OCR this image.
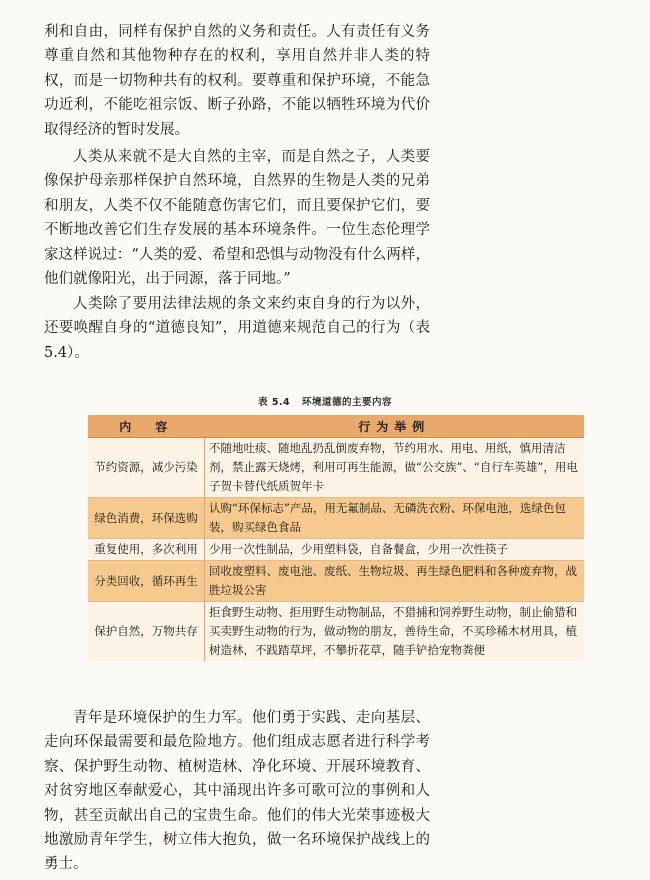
利和自由，同样有保护自然的义务和责任。人有责任有义务尊重自然和其他物种存在的权利，享用自然并非人类的特权，而是一切物种共有的权利。要尊重和保护环境，不能急功近利，不能吃祖宗饭、断子孙路，不能以牺牲环境为代价取得经济的暂时发展。

人类从来就不是大自然的主宰，而是自然之子，人类要像保护母亲那样保护自然环境，自然界的生物是人类的兄弟和朋友，人类不仅不能随意伤害它们，而且要保护它们，要不断地改善它们生存发展的基本环境条件。一位生态伦理学家这样说过：“人类的爱、希望和恐惧与动物没有什么两样，他们就像阳光，出于同源，落于同地。”

人类除了要用法律法规的条文来约束自身的行为以外，还要唤醒自身的“道德良知”，用道德来规范自己的行为（表5.4）。

表 5.4 环境道德的主要内容
内　容	行为举例
节约资源，减少污染	不随地吐痰、随地乱扔乱倒废弃物，节约用水、用电、用纸，慎用清洁剂，禁止露天烧烤，利用可再生能源，做“公交族”、“自行车英雄”，用电子贺卡替代纸质贺年卡
绿色消费，环保选购	认购“环保标志”产品，用无氟制品、无磷洗衣粉、环保电池，选绿色包装，购买绿色食品
重复使用，多次利用	少用一次性制品，少用塑料袋，自备餐盒，少用一次性筷子
分类回收，循环再生	回收废塑料、废电池、废纸、生物垃圾、再生绿色肥料和各种废弃物，战胜垃圾公害
保护自然，万物共存	拒食野生动物、拒用野生动物制品，不猎捕和饲养野生动物，制止偷猎和买卖野生动物的行为，做动物的朋友，善待生命，不买珍稀木材用具，植树造林，不践踏草坪，不攀折花草，随手铲拾宠物粪便

青年是环境保护的生力军。他们勇于实践、走向基层、走向环保最需要和最危险地方。他们组成志愿者进行科学考察、保护野生动物、植树造林、净化环境、开展环境教育、对贫穷地区奉献爱心，其中涌现出许多可歌可泣的事例和人物，甚至贡献出自己的宝贵生命。他们的伟大光荣事迹极大地激励青年学生，树立伟大抱负，做一名环境保护战线上的勇士。
